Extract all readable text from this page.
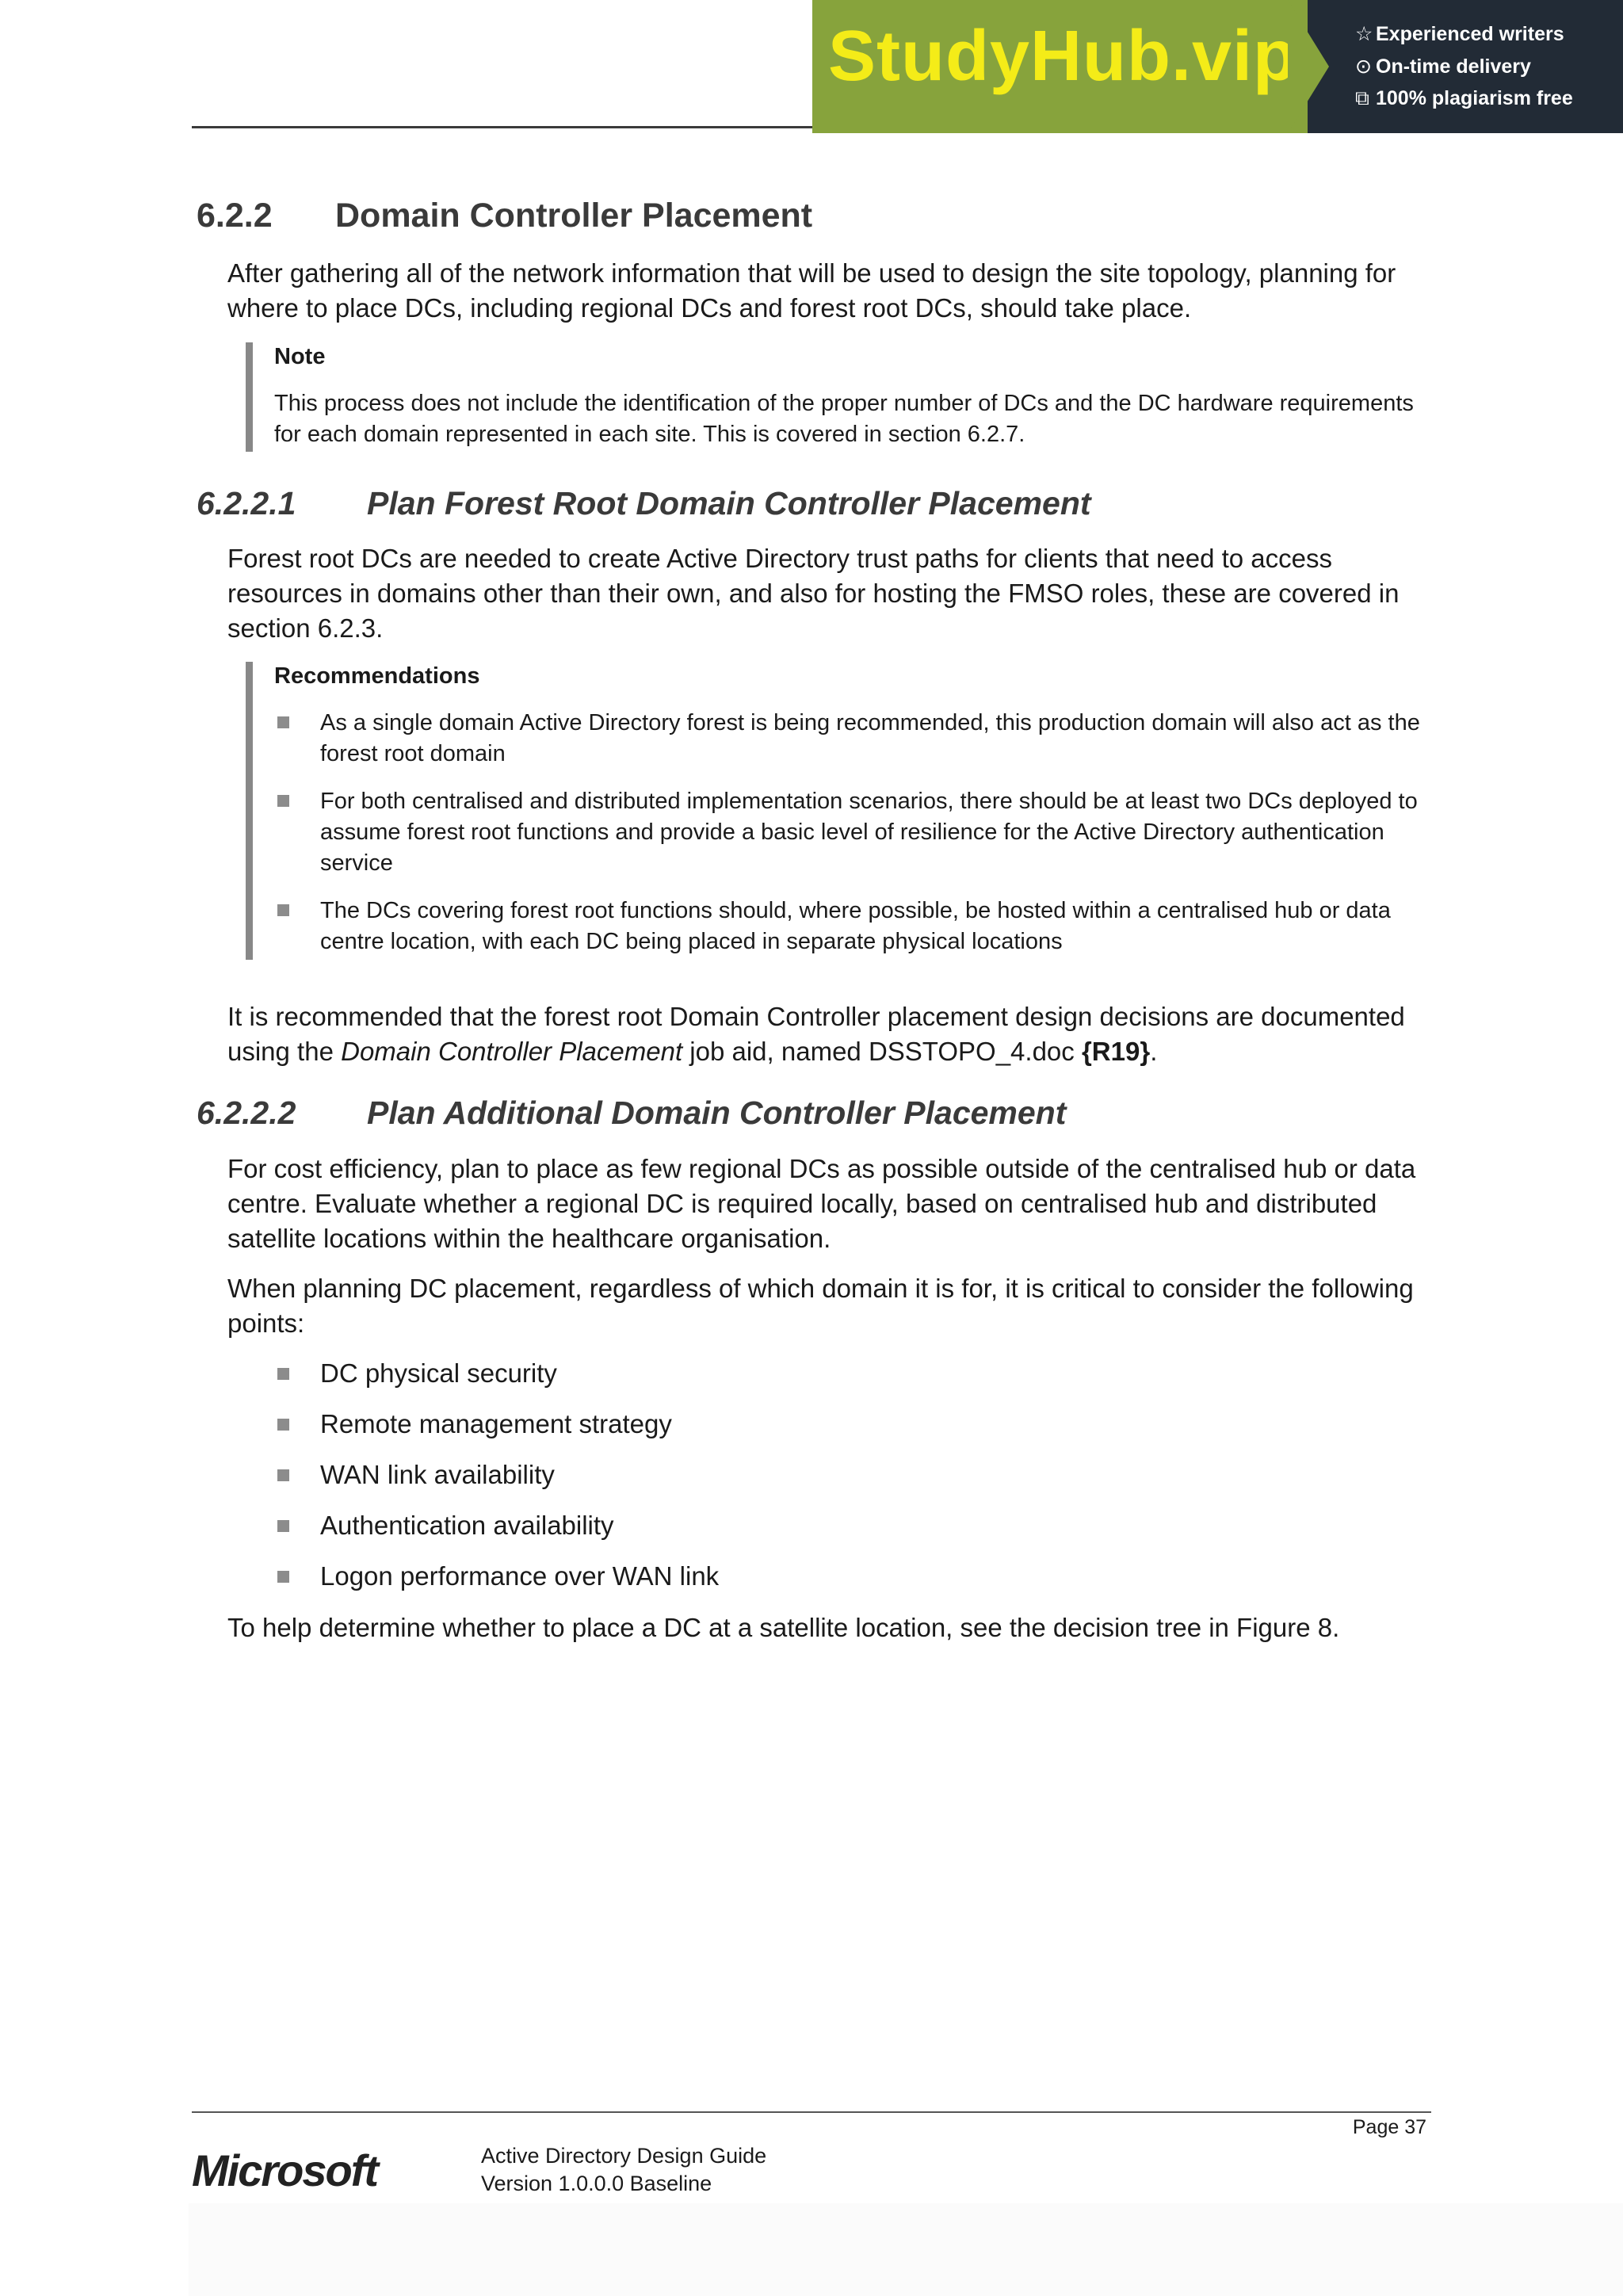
StudyHub.vip	☆ Experienced writers
⊙ On-time delivery
⧉ 100% plagiarism free
6.2.2 Domain Controller Placement
After gathering all of the network information that will be used to design the site topology, planning for where to place DCs, including regional DCs and forest root DCs, should take place.
Note
This process does not include the identification of the proper number of DCs and the DC hardware requirements for each domain represented in each site. This is covered in section 6.2.7.
6.2.2.1 Plan Forest Root Domain Controller Placement
Forest root DCs are needed to create Active Directory trust paths for clients that need to access resources in domains other than their own, and also for hosting the FMSO roles, these are covered in section 6.2.3.
Recommendations
As a single domain Active Directory forest is being recommended, this production domain will also act as the forest root domain
For both centralised and distributed implementation scenarios, there should be at least two DCs deployed to assume forest root functions and provide a basic level of resilience for the Active Directory authentication service
The DCs covering forest root functions should, where possible, be hosted within a centralised hub or data centre location, with each DC being placed in separate physical locations
It is recommended that the forest root Domain Controller placement design decisions are documented using the Domain Controller Placement job aid, named DSSTOPO_4.doc {R19}.
6.2.2.2 Plan Additional Domain Controller Placement
For cost efficiency, plan to place as few regional DCs as possible outside of the centralised hub or data centre. Evaluate whether a regional DC is required locally, based on centralised hub and distributed satellite locations within the healthcare organisation.
When planning DC placement, regardless of which domain it is for, it is critical to consider the following points:
DC physical security
Remote management strategy
WAN link availability
Authentication availability
Logon performance over WAN link
To help determine whether to place a DC at a satellite location, see the decision tree in Figure 8.
Page 37
Microsoft	Active Directory Design Guide
Version 1.0.0.0 Baseline
